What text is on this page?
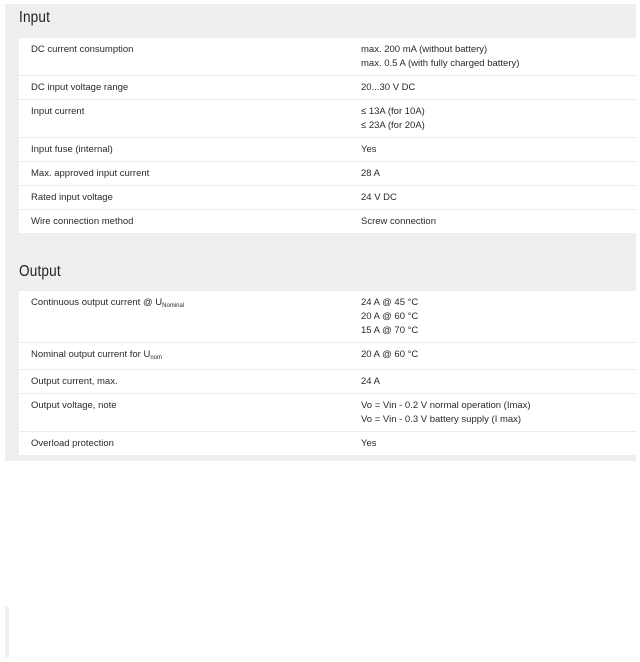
Input
DC current consumption	max. 200 mA (without battery)
max. 0.5 A (with fully charged battery)
DC input voltage range	20...30 V DC
Input current	≤ 13A (for 10A)
≤ 23A (for 20A)
Input fuse (internal)	Yes
Max. approved input current	28 A
Rated input voltage	24 V DC
Wire connection method	Screw connection
Output
Continuous output current @ $U_{Nominal}$	24 A @ 45 °C
20 A @ 60 °C
15 A @ 70 °C
Nominal output current for $U_{nom}$	20 A @ 60 °C
Output current, max.	24 A
Output voltage, note	Vo = Vin - 0.2 V normal operation (Imax)
Vo = Vin - 0.3 V battery supply (I max)
Overload protection	Yes
